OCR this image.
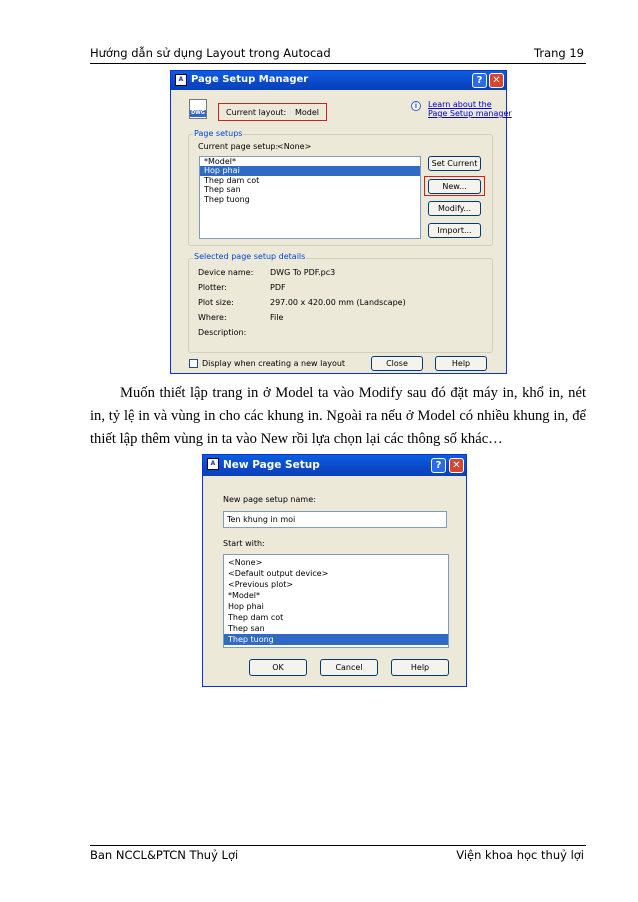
Hướng dẫn sử dụng Layout trong Autocad	Trang 19
A Page Setup Manager	? ✕
DWG	Current layout: Model
i	Learn about the
Page Setup manager
Page setups
Current page setup:
<None>
*Model*
Hop phai
Thep dam cot
Thep san
Thep tuong
Set Current
New...
Modify...
Import...
Selected page setup details
Display when creating a new layout	Close	Help
Device name: DWG To PDF.pc3
Plotter:	PDF
Plot size:	297.00 x 420.00 mm (Landscape)
Where:	File
Description:
Muốn thiết lập trang in ở Model ta vào Modify sau đó đặt máy in, khổ in, nét in, tỷ lệ in và vùng in cho các khung in. Ngoài ra nếu ở Model có nhiều khung in, để thiết lập thêm vùng in ta vào New rồi lựa chọn lại các thông số khác…
A New Page Setup	?	✕
New page setup name:
Ten khung in moi
Start with:
<None>
<Default output device>
<Previous plot>
*Model*
Hop phai
Thep dam cot
Thep san
Thep tuong
OK	Cancel	Help
Ban NCCL&PTCN Thuỷ Lợi	Viện khoa học thuỷ lợi
